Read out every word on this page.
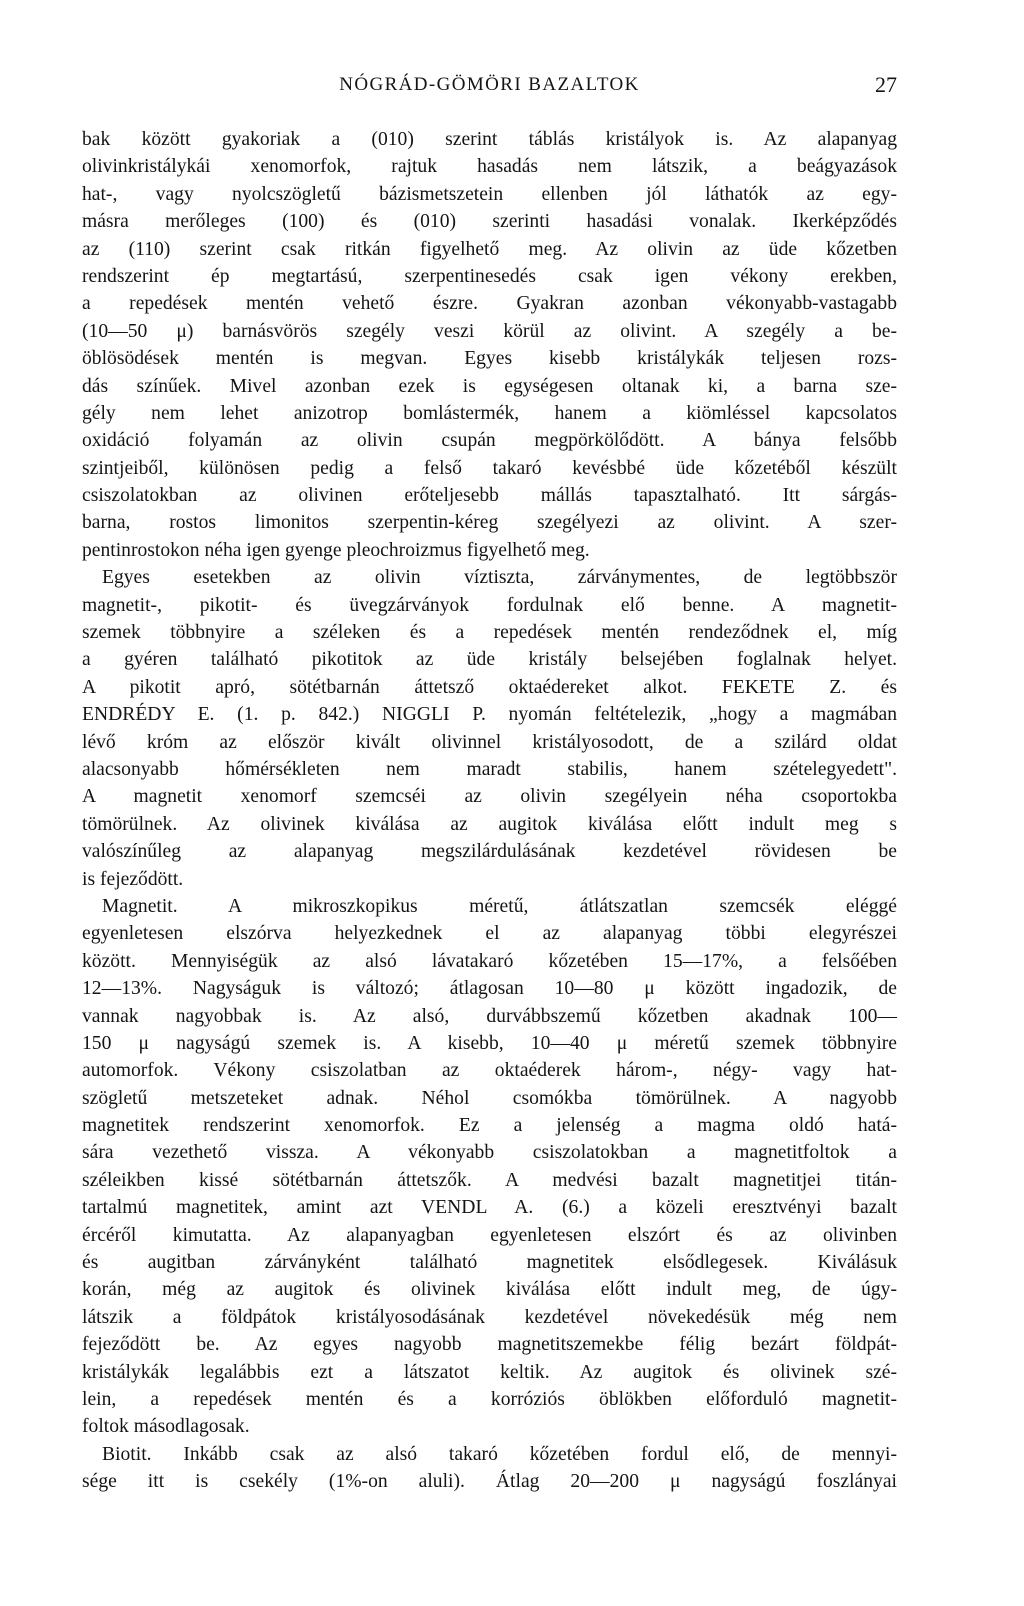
NÓGRÁD-GÖMÖRI BAZALTOK	27
bak között gyakoriak a (010) szerint táblás kristályok is. Az alapanyag
olivinkristálykái xenomorfok, rajtuk hasadás nem látszik, a beágyazások
hat-, vagy nyolcszögletű bázismetszetein ellenben jól láthatók az egy-
másra merőleges (100) és (010) szerinti hasadási vonalak. Ikerképződés
az (110) szerint csak ritkán figyelhető meg. Az olivin az üde kőzetben
rendszerint ép megtartású, szerpentinesedés csak igen vékony erekben,
a repedések mentén vehető észre. Gyakran azonban vékonyabb-vastagabb
(10—50 μ) barnásvörös szegély veszi körül az olivint. A szegély a be-
öblösödések mentén is megvan. Egyes kisebb kristálykák teljesen rozs-
dás színűek. Mivel azonban ezek is egységesen oltanak ki, a barna sze-
gély nem lehet anizotrop bomlástermék, hanem a kiömléssel kapcsolatos
oxidáció folyamán az olivin csupán megpörkölődött. A bánya felsőbb
szintjeiből, különösen pedig a felső takaró kevésbbé üde kőzetéből készült
csiszolatokban az olivinen erőteljesebb mállás tapasztalható. Itt sárgás-
barna, rostos limonitos szerpentin-kéreg szegélyezi az olivint. A szer-
pentinrostokon néha igen gyenge pleochroizmus figyelhető meg.
Egyes esetekben az olivin víztiszta, zárványmentes, de legtöbbször
magnetit-, pikotit- és üvegzárványok fordulnak elő benne. A magnetit-
szemek többnyire a széleken és a repedések mentén rendeződnek el, míg
a gyéren található pikotitok az üde kristály belsejében foglalnak helyet.
A pikotit apró, sötétbarnán áttetsző oktaédereket alkot. FEKETE Z. és
ENDRÉDY E. (1. p. 842.) NIGGLI P. nyomán feltételezik, „hogy a magmában
lévő króm az először kivált olivinnel kristályosodott, de a szilárd oldat
alacsonyabb hőmérsékleten nem maradt stabilis, hanem szételegyedett".
A magnetit xenomorf szemcséi az olivin szegélyein néha csoportokba
tömörülnek. Az olivinek kiválása az augitok kiválása előtt indult meg s
valószínűleg az alapanyag megszilárdulásának kezdetével rövidesen be
is fejeződött.
Magnetit. A mikroszkopikus méretű, átlátszatlan szemcsék eléggé
egyenletesen elszórva helyezkednek el az alapanyag többi elegyrészei
között. Mennyiségük az alsó lávatakaró kőzetében 15—17%, a felsőében
12—13%. Nagyságuk is változó; átlagosan 10—80 μ között ingadozik, de
vannak nagyobbak is. Az alsó, durvábbszemű kőzetben akadnak 100—
150 μ nagyságú szemek is. A kisebb, 10—40 μ méretű szemek többnyire
automorfok. Vékony csiszolatban az oktaéderek három-, négy- vagy hat-
szögletű metszeteket adnak. Néhol csomókba tömörülnek. A nagyobb
magnetitek rendszerint xenomorfok. Ez a jelenség a magma oldó hatá-
sára vezethető vissza. A vékonyabb csiszolatokban a magnetitfoltok a
széleikben kissé sötétbarnán áttetszők. A medvési bazalt magnetitjei titán-
tartalmú magnetitek, amint azt VENDL A. (6.) a közeli eresztvényi bazalt
ércéről kimutatta. Az alapanyagban egyenletesen elszórt és az olivinben
és augitban zárványként található magnetitek elsődlegesek. Kiválásuk
korán, még az augitok és olivinek kiválása előtt indult meg, de úgy-
látszik a földpátok kristályosodásának kezdetével növekedésük még nem
fejeződött be. Az egyes nagyobb magnetitszemekbe félig bezárt földpát-
kristálykák legalábbis ezt a látszatot keltik. Az augitok és olivinek szé-
lein, a repedések mentén és a korróziós öblökben előforduló magnetit-
foltok másodlagosak.
Biotit. Inkább csak az alsó takaró kőzetében fordul elő, de mennyi-
sége itt is csekély (1%-on aluli). Átlag 20—200 μ nagyságú foszlányai
